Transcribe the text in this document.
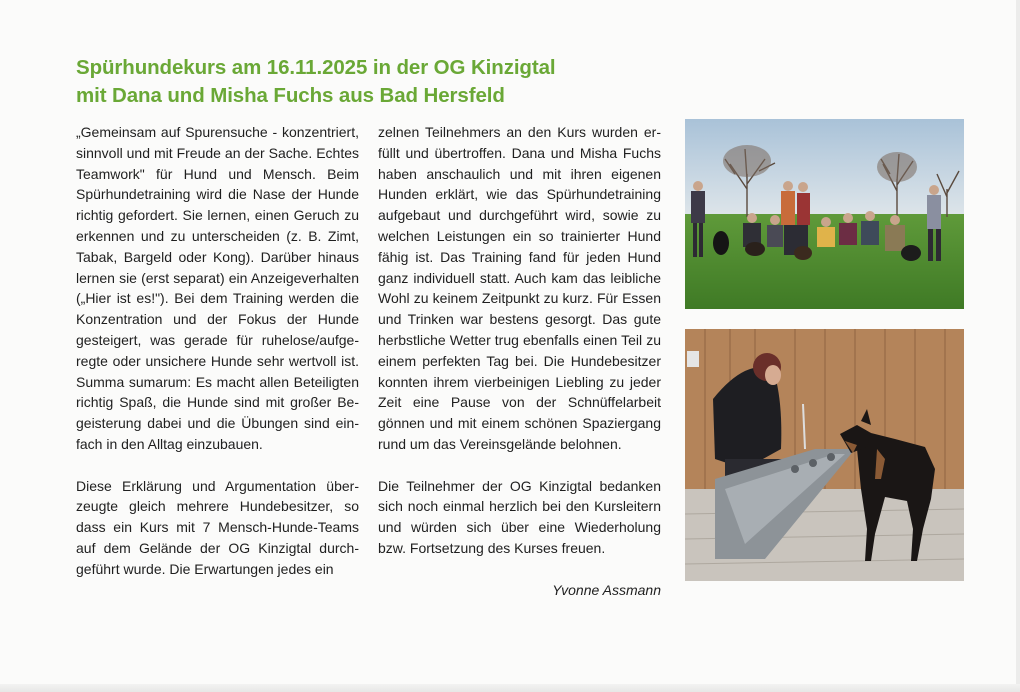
Spürhundekurs am 16.11.2025 in der OG Kinzigtal
mit Dana und Misha Fuchs aus Bad Hersfeld

„Gemeinsam auf Spurensuche - konzentriert, sinnvoll und mit Freude an der Sache. Echtes Teamwork" für Hund und Mensch. Beim Spürhundetraining wird die Nase der Hunde richtig gefordert. Sie lernen, einen Geruch zu erkennen und zu unterscheiden (z. B. Zimt, Tabak, Bargeld oder Kong). Darüber hinaus lernen sie (erst separat) ein Anzeigeverhalten („Hier ist es!"). Bei dem Training werden die Konzentration und der Fokus der Hunde gesteigert, was gerade für ruhelose/aufgeregte oder unsichere Hunde sehr wertvoll ist. Summa sumarum: Es macht allen Beteiligten richtig Spaß, die Hunde sind mit großer Begeisterung dabei und die Übungen sind einfach in den Alltag einzubauen.

Diese Erklärung und Argumentation überzeugte gleich mehrere Hundebesitzer, so dass ein Kurs mit 7 Mensch-Hunde-Teams auf dem Gelände der OG Kinzigtal durchgeführt wurde. Die Erwartungen jedes ein

zelnen Teilnehmers an den Kurs wurden erfüllt und übertroffen. Dana und Misha Fuchs haben anschaulich und mit ihren eigenen Hunden erklärt, wie das Spürhundetraining aufgebaut und durchgeführt wird, sowie zu welchen Leistungen ein so trainierter Hund fähig ist. Das Training fand für jeden Hund ganz individuell statt. Auch kam das leibliche Wohl zu keinem Zeitpunkt zu kurz. Für Essen und Trinken war bestens gesorgt. Das gute herbstliche Wetter trug ebenfalls einen Teil zu einem perfekten Tag bei. Die Hundebesitzer konnten ihrem vierbeinigen Liebling zu jeder Zeit eine Pause von der Schnüffelarbeit gönnen und mit einem schönen Spaziergang rund um das Vereinsgelände belohnen.

Die Teilnehmer der OG Kinzigtal bedanken sich noch einmal herzlich bei den Kursleitern und würden sich über eine Wiederholung bzw. Fortsetzung des Kurses freuen.

Yvonne Assmann
